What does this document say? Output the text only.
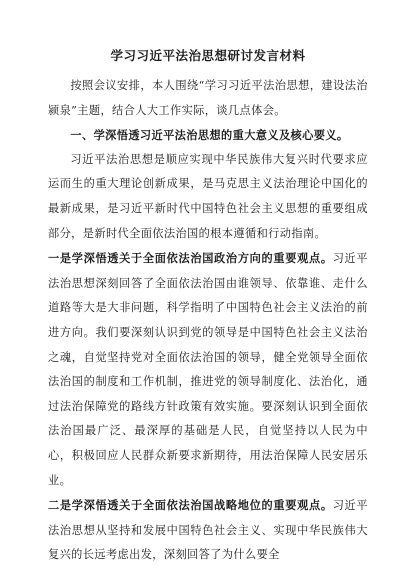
学习习近平法治思想研讨发言材料

按照会议安排，本人围绕“学习习近平法治思想，建设法治颍泉”主题，结合人大工作实际，谈几点体会。

一、学深悟透习近平法治思想的重大意义及核心要义。

习近平法治思想是顺应实现中华民族伟大复兴时代要求应运而生的重大理论创新成果，是马克思主义法治理论中国化的最新成果，是习近平新时代中国特色社会主义思想的重要组成部分，是新时代全面依法治国的根本遵循和行动指南。

一是学深悟透关于全面依法治国政治方向的重要观点。习近平法治思想深刻回答了全面依法治国由谁领导、依靠谁、走什么道路等大是大非问题，科学指明了中国特色社会主义法治的前进方向。我们要深刻认识到党的领导是中国特色社会主义法治之魂，自觉坚持党对全面依法治国的领导，健全党领导全面依法治国的制度和工作机制，推进党的领导制度化、法治化，通过法治保障党的路线方针政策有效实施。要深刻认识到全面依法治国最广泛、最深厚的基础是人民，自觉坚持以人民为中心，积极回应人民群众新要求新期待，用法治保障人民安居乐业。

二是学深悟透关于全面依法治国战略地位的重要观点。习近平法治思想从坚持和发展中国特色社会主义、实现中华民族伟大复兴的长远考虑出发，深刻回答了为什么要全
